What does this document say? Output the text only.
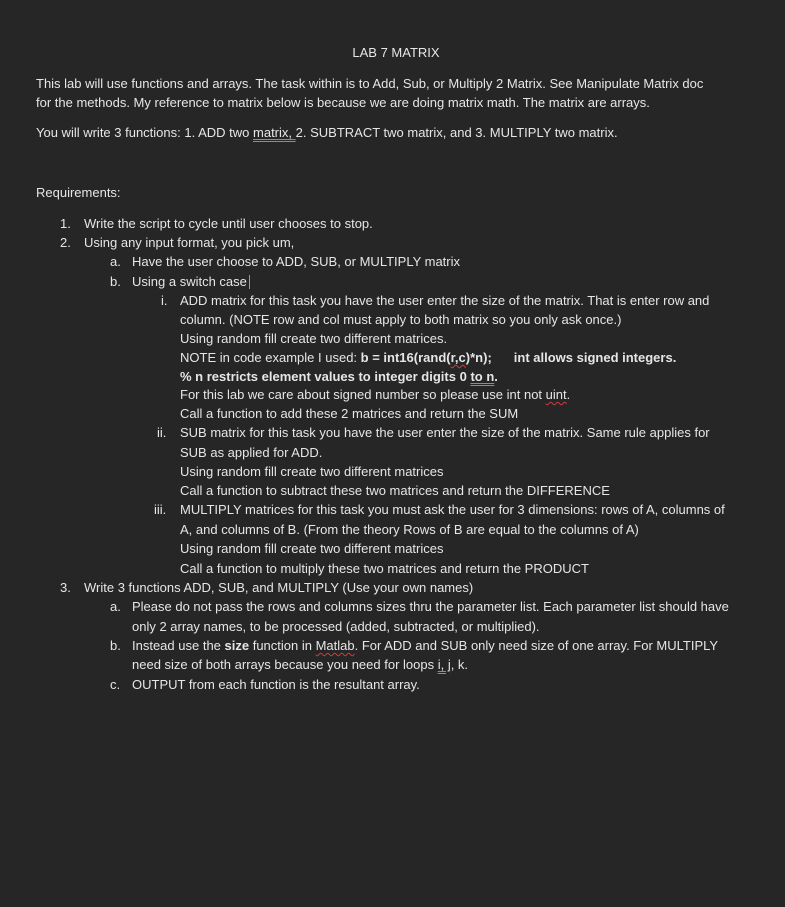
LAB 7 MATRIX
This lab will use functions and arrays. The task within is to Add, Sub, or Multiply 2 Matrix. See Manipulate Matrix doc
for the methods. My reference to matrix below is because we are doing matrix math. The matrix are arrays.
You will write 3 functions: 1. ADD two matrix, 2. SUBTRACT two matrix, and 3. MULTIPLY two matrix.
Requirements:
1. Write the script to cycle until user chooses to stop.
2. Using any input format, you pick um,
a. Have the user choose to ADD, SUB, or MULTIPLY matrix
b. Using a switch case
i. ADD matrix for this task you have the user enter the size of the matrix. That is enter row and
column. (NOTE row and col must apply to both matrix so you only ask once.)
Using random fill create two different matrices.
NOTE in code example I used: b = int16(rand(r,c)*n); int allows signed integers.
% n restricts element values to integer digits 0 to n.
For this lab we care about signed number so please use int not uint.
Call a function to add these 2 matrices and return the SUM
ii. SUB matrix for this task you have the user enter the size of the matrix. Same rule applies for
SUB as applied for ADD.
Using random fill create two different matrices
Call a function to subtract these two matrices and return the DIFFERENCE
iii. MULTIPLY matrices for this task you must ask the user for 3 dimensions: rows of A, columns of
A, and columns of B. (From the theory Rows of B are equal to the columns of A)
Using random fill create two different matrices
Call a function to multiply these two matrices and return the PRODUCT
3. Write 3 functions ADD, SUB, and MULTIPLY (Use your own names)
a. Please do not pass the rows and columns sizes thru the parameter list. Each parameter list should have
only 2 array names, to be processed (added, subtracted, or multiplied).
b. Instead use the size function in Matlab. For ADD and SUB only need size of one array. For MULTIPLY
need size of both arrays because you need for loops i, j, k.
c. OUTPUT from each function is the resultant array.
